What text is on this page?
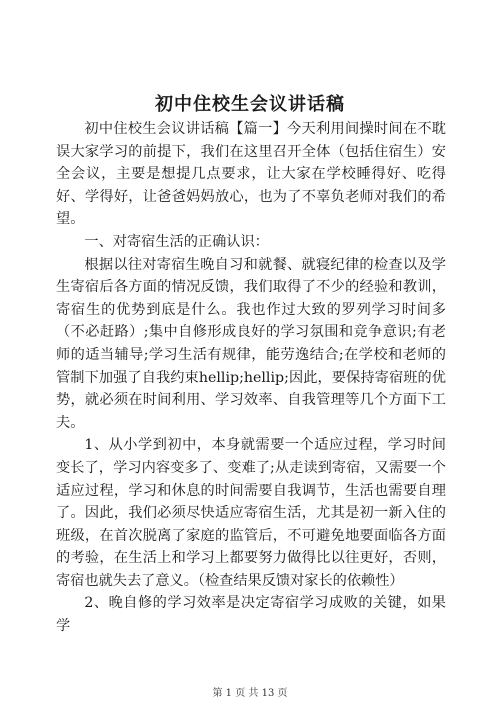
初中住校生会议讲话稿

初中住校生会议讲话稿【篇一】今天利用间操时间在不耽误大家学习的前提下，我们在这里召开全体（包括住宿生）安全会议，主要是想提几点要求，让大家在学校睡得好、吃得好、学得好，让爸爸妈妈放心，也为了不辜负老师对我们的希望。

一、对寄宿生活的正确认识：

根据以往对寄宿生晚自习和就餐、就寝纪律的检查以及学生寄宿后各方面的情况反馈，我们取得了不少的经验和教训，寄宿生的优势到底是什么。我也作过大致的罗列学习时间多（不必赶路）;集中自修形成良好的学习氛围和竞争意识;有老师的适当辅导;学习生活有规律，能劳逸结合;在学校和老师的管制下加强了自我约束hellip;hellip;因此，要保持寄宿班的优势，就必须在时间利用、学习效率、自我管理等几个方面下工夫。

1、从小学到初中，本身就需要一个适应过程，学习时间变长了，学习内容变多了、变难了;从走读到寄宿，又需要一个适应过程，学习和休息的时间需要自我调节，生活也需要自理了。因此，我们必须尽快适应寄宿生活，尤其是初一新入住的班级，在首次脱离了家庭的监管后，不可避免地要面临各方面的考验，在生活上和学习上都要努力做得比以往更好，否则，寄宿也就失去了意义。（检查结果反馈对家长的依赖性）

2、晚自修的学习效率是决定寄宿学习成败的关键，如果学

第 1 页 共 13 页
